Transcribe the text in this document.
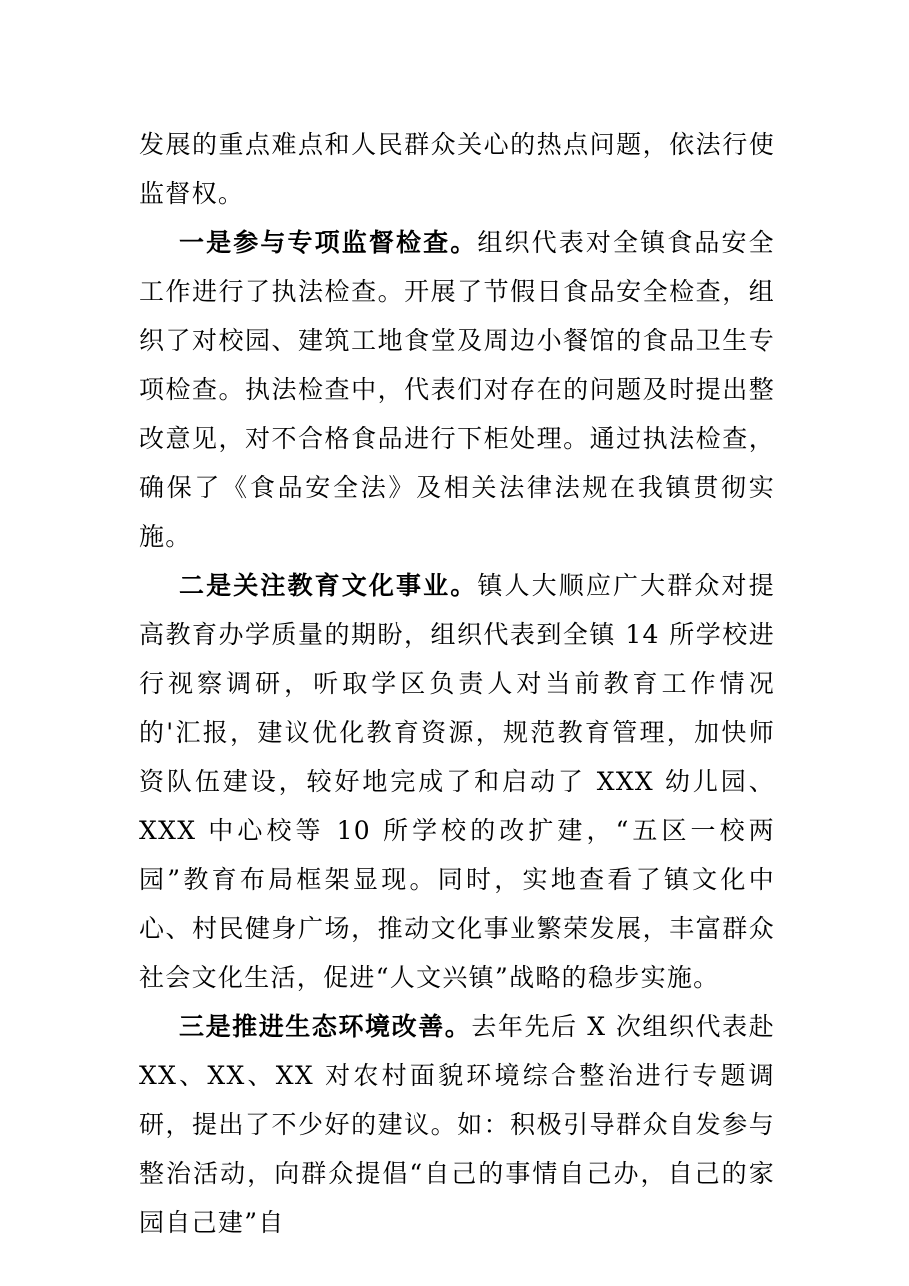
发展的重点难点和人民群众关心的热点问题，依法行使监督权。

一是参与专项监督检查。组织代表对全镇食品安全工作进行了执法检查。开展了节假日食品安全检查，组织了对校园、建筑工地食堂及周边小餐馆的食品卫生专项检查。执法检查中，代表们对存在的问题及时提出整改意见，对不合格食品进行下柜处理。通过执法检查，确保了《食品安全法》及相关法律法规在我镇贯彻实施。

二是关注教育文化事业。镇人大顺应广大群众对提高教育办学质量的期盼，组织代表到全镇 14 所学校进行视察调研，听取学区负责人对当前教育工作情况的'汇报，建议优化教育资源，规范教育管理，加快师资队伍建设，较好地完成了和启动了 XXX 幼儿园、XXX 中心校等 10 所学校的改扩建，“五区一校两园”教育布局框架显现。同时，实地查看了镇文化中心、村民健身广场，推动文化事业繁荣发展，丰富群众社会文化生活，促进“人文兴镇”战略的稳步实施。

三是推进生态环境改善。去年先后 X 次组织代表赴 XX、XX、XX 对农村面貌环境综合整治进行专题调研，提出了不少好的建议。如：积极引导群众自发参与整治活动，向群众提倡“自己的事情自己办，自己的家园自己建”自
